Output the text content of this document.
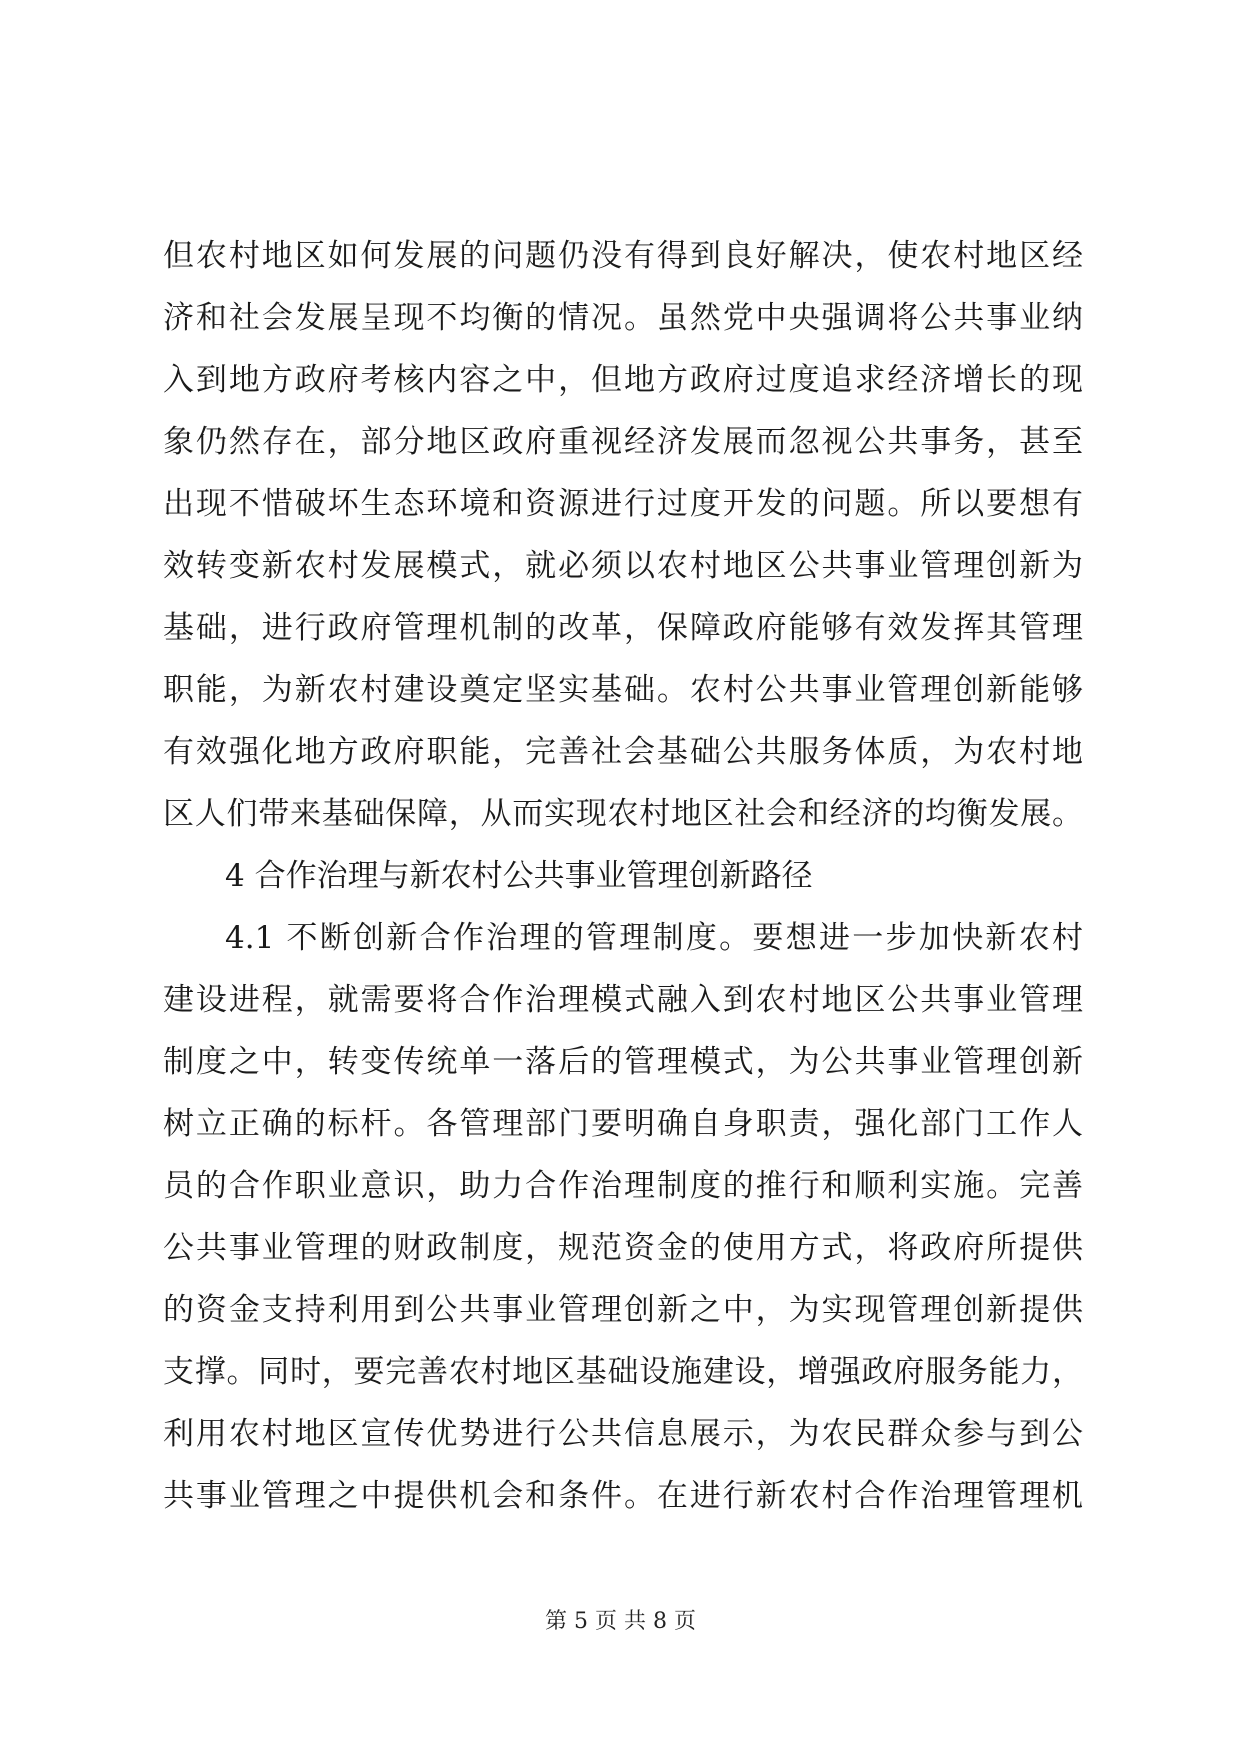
但农村地区如何发展的问题仍没有得到良好解决，使农村地区经
济和社会发展呈现不均衡的情况。虽然党中央强调将公共事业纳
入到地方政府考核内容之中，但地方政府过度追求经济增长的现
象仍然存在，部分地区政府重视经济发展而忽视公共事务，甚至
出现不惜破坏生态环境和资源进行过度开发的问题。所以要想有
效转变新农村发展模式，就必须以农村地区公共事业管理创新为
基础，进行政府管理机制的改革，保障政府能够有效发挥其管理
职能，为新农村建设奠定坚实基础。农村公共事业管理创新能够
有效强化地方政府职能，完善社会基础公共服务体质，为农村地
区人们带来基础保障，从而实现农村地区社会和经济的均衡发展。
4 合作治理与新农村公共事业管理创新路径
4.1 不断创新合作治理的管理制度。要想进一步加快新农村
建设进程，就需要将合作治理模式融入到农村地区公共事业管理
制度之中，转变传统单一落后的管理模式，为公共事业管理创新
树立正确的标杆。各管理部门要明确自身职责，强化部门工作人
员的合作职业意识，助力合作治理制度的推行和顺利实施。完善
公共事业管理的财政制度，规范资金的使用方式，将政府所提供
的资金支持利用到公共事业管理创新之中，为实现管理创新提供
支撑。同时，要完善农村地区基础设施建设，增强政府服务能力，
利用农村地区宣传优势进行公共信息展示，为农民群众参与到公
共事业管理之中提供机会和条件。在进行新农村合作治理管理机
第 5 页 共 8 页
